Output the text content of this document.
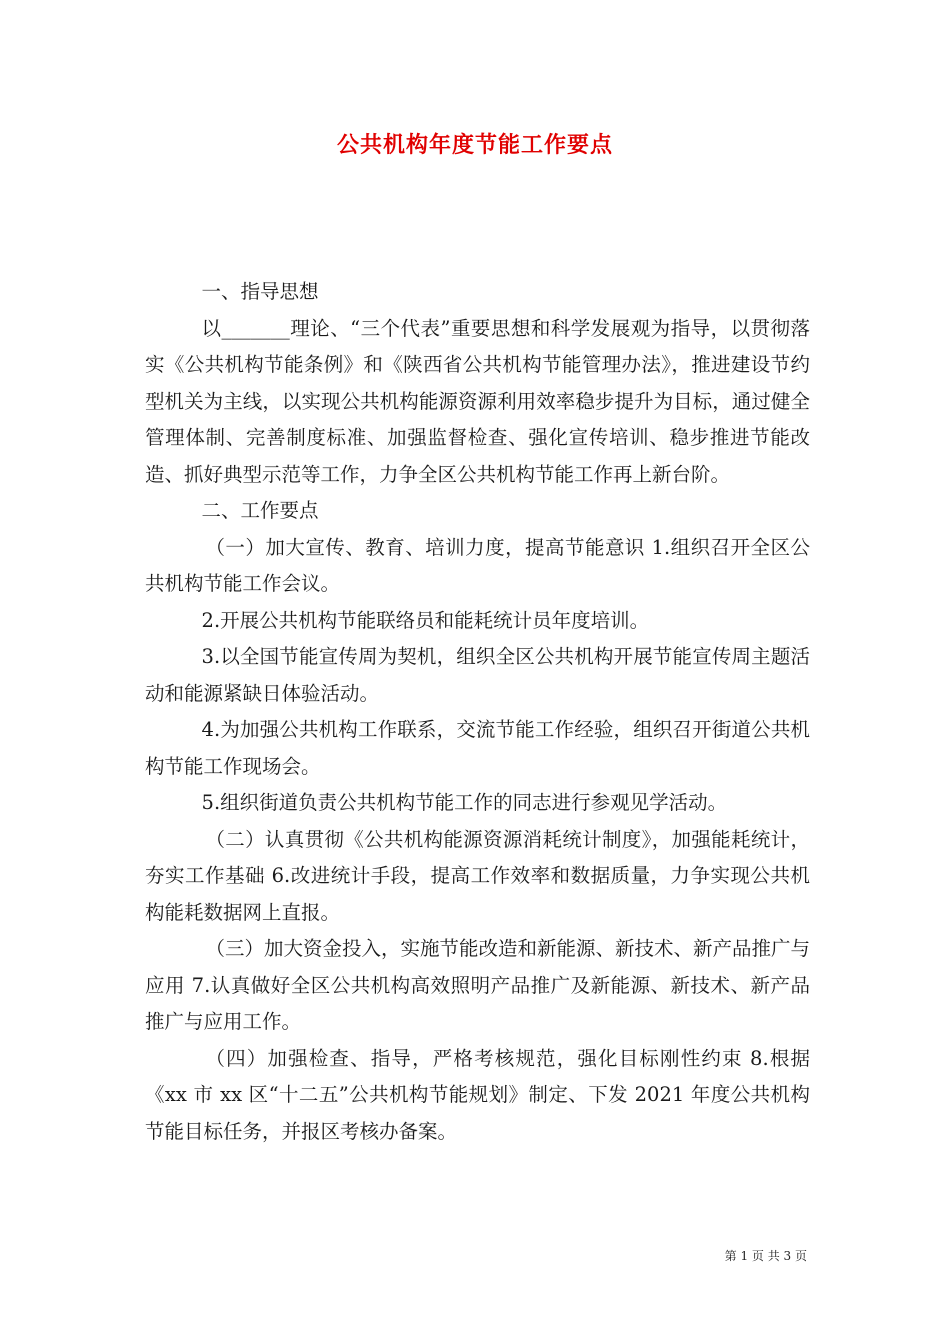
公共机构年度节能工作要点

一、指导思想

以_______理论、“三个代表”重要思想和科学发展观为指导，以贯彻落实《公共机构节能条例》和《陕西省公共机构节能管理办法》，推进建设节约型机关为主线，以实现公共机构能源资源利用效率稳步提升为目标，通过健全管理体制、完善制度标准、加强监督检查、强化宣传培训、稳步推进节能改造、抓好典型示范等工作，力争全区公共机构节能工作再上新台阶。

二、工作要点

（一）加大宣传、教育、培训力度，提高节能意识 1.组织召开全区公共机构节能工作会议。

2.开展公共机构节能联络员和能耗统计员年度培训。

3.以全国节能宣传周为契机，组织全区公共机构开展节能宣传周主题活动和能源紧缺日体验活动。

4.为加强公共机构工作联系，交流节能工作经验，组织召开街道公共机构节能工作现场会。

5.组织街道负责公共机构节能工作的同志进行参观见学活动。

（二）认真贯彻《公共机构能源资源消耗统计制度》，加强能耗统计，夯实工作基础 6.改进统计手段，提高工作效率和数据质量，力争实现公共机构能耗数据网上直报。

（三）加大资金投入，实施节能改造和新能源、新技术、新产品推广与应用 7.认真做好全区公共机构高效照明产品推广及新能源、新技术、新产品推广与应用工作。

（四）加强检查、指导，严格考核规范，强化目标刚性约束 8.根据《xx 市 xx 区“十二五”公共机构节能规划》制定、下发 2021 年度公共机构节能目标任务，并报区考核办备案。

第 1 页 共 3 页
